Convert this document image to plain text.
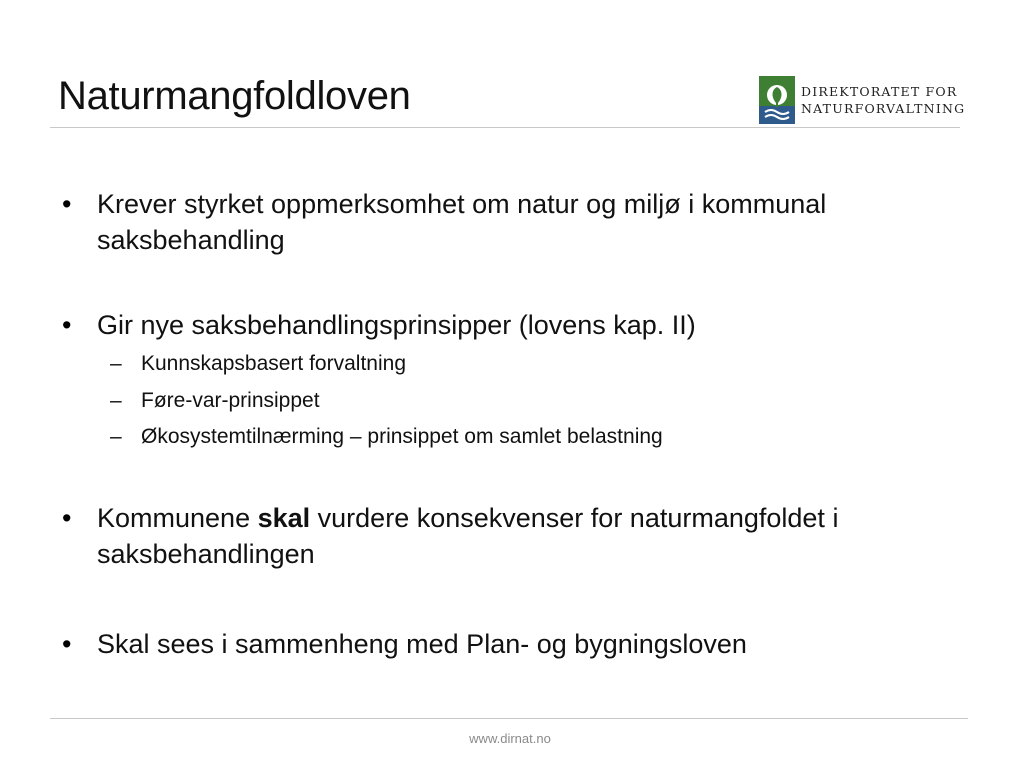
Naturmangfoldloven	DIREKTORATET FOR
NATURFORVALTNING
• Krever styrket oppmerksomhet om natur og miljø i kommunal
saksbehandling
• Gir nye saksbehandlingsprinsipper (lovens kap. II)
– Kunnskapsbasert forvaltning
– Føre-var-prinsippet
– Økosystemtilnærming – prinsippet om samlet belastning
• Kommunene skal vurdere konsekvenser for naturmangfoldet i
saksbehandlingen
• Skal sees i sammenheng med Plan- og bygningsloven
www.dirnat.no
